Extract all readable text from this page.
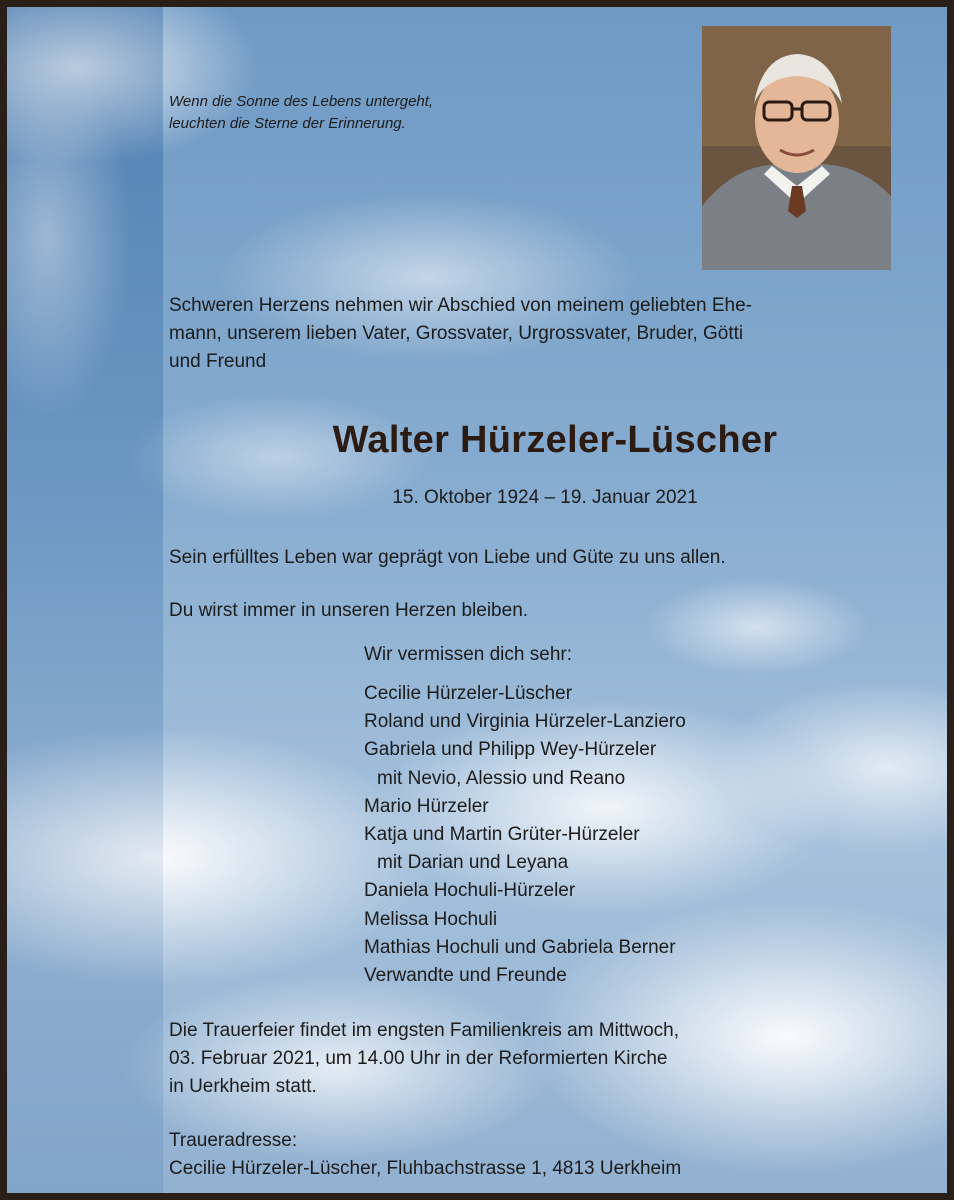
Wenn die Sonne des Lebens untergeht,
leuchten die Sterne der Erinnerung.
Schweren Herzens nehmen wir Abschied von meinem geliebten Ehe-
mann, unserem lieben Vater, Grossvater, Urgrossvater, Bruder, Götti
und Freund
Walter Hürzeler-Lüscher
15. Oktober 1924 – 19. Januar 2021
Sein erfülltes Leben war geprägt von Liebe und Güte zu uns allen.
Du wirst immer in unseren Herzen bleiben.
Wir vermissen dich sehr:
Cecilie Hürzeler-Lüscher
Roland und Virginia Hürzeler-Lanziero
Gabriela und Philipp Wey-Hürzeler
mit Nevio, Alessio und Reano
Mario Hürzeler
Katja und Martin Grüter-Hürzeler
mit Darian und Leyana
Daniela Hochuli-Hürzeler
Melissa Hochuli
Mathias Hochuli und Gabriela Berner
Verwandte und Freunde
Die Trauerfeier findet im engsten Familienkreis am Mittwoch,
03. Februar 2021, um 14.00 Uhr in der Reformierten Kirche
in Uerkheim statt.
Traueradresse:
Cecilie Hürzeler-Lüscher, Fluhbachstrasse 1, 4813 Uerkheim
